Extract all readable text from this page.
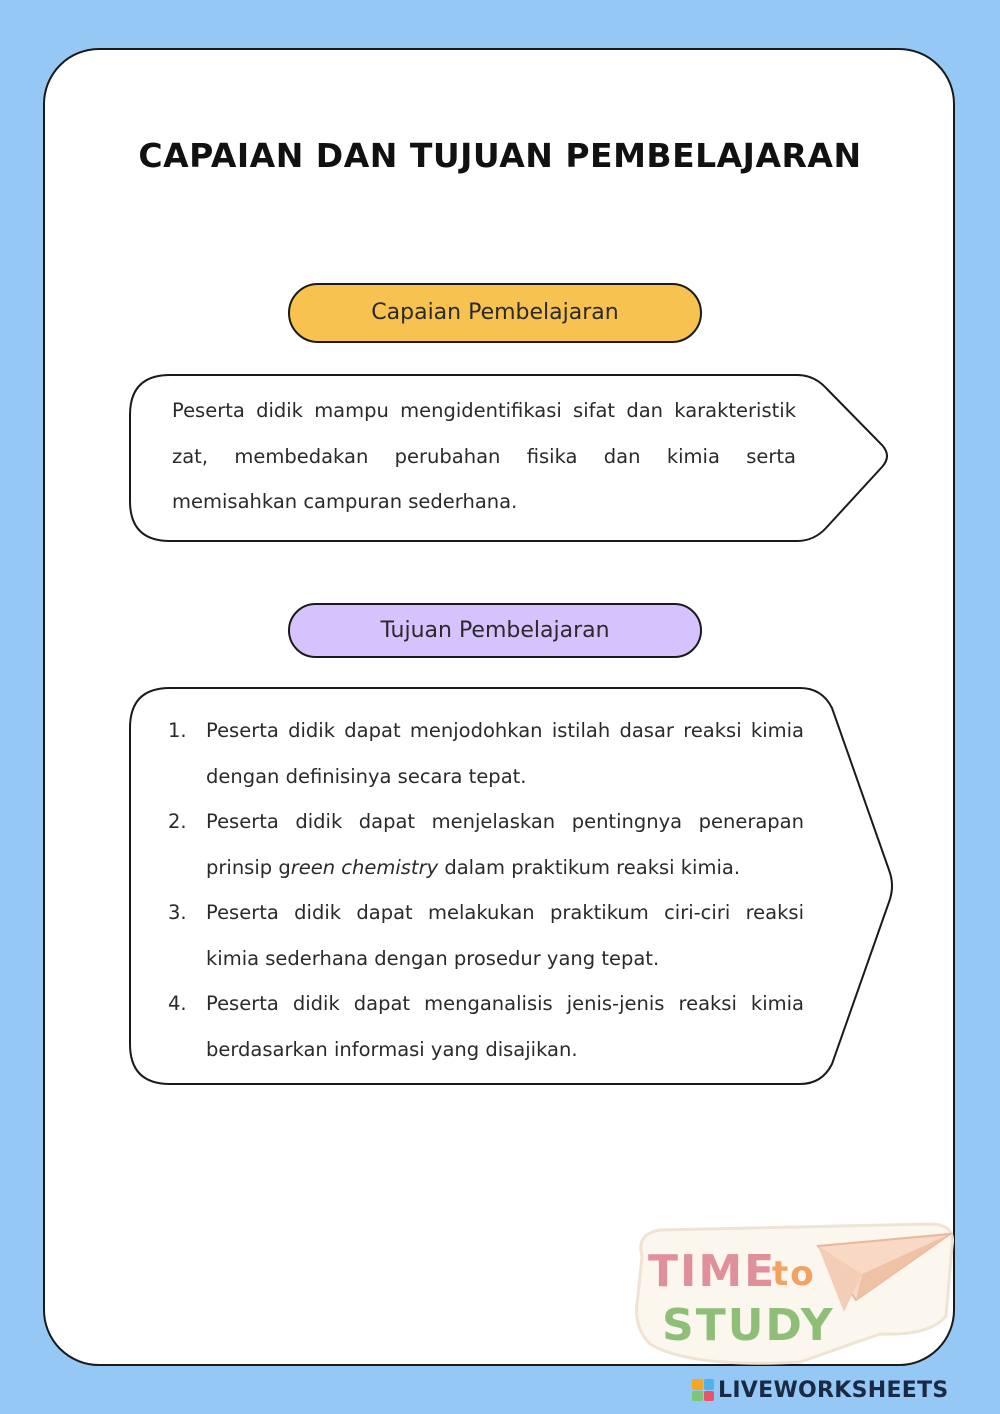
CAPAIAN DAN TUJUAN PEMBELAJARAN
Capaian Pembelajaran
Peserta didik mampu mengidentifikasi sifat dan karakteristik zat, membedakan perubahan fisika dan kimia serta memisahkan campuran sederhana.
Tujuan Pembelajaran
1. Peserta didik dapat menjodohkan istilah dasar reaksi kimia dengan definisinya secara tepat.
2. Peserta didik dapat menjelaskan pentingnya penerapan prinsip green chemistry dalam praktikum reaksi kimia.
3. Peserta didik dapat melakukan praktikum ciri-ciri reaksi kimia sederhana dengan prosedur yang tepat.
4. Peserta didik dapat menganalisis jenis-jenis reaksi kimia berdasarkan informasi yang disajikan.
TIME
to
STUDY
LIVEWORKSHEETS
